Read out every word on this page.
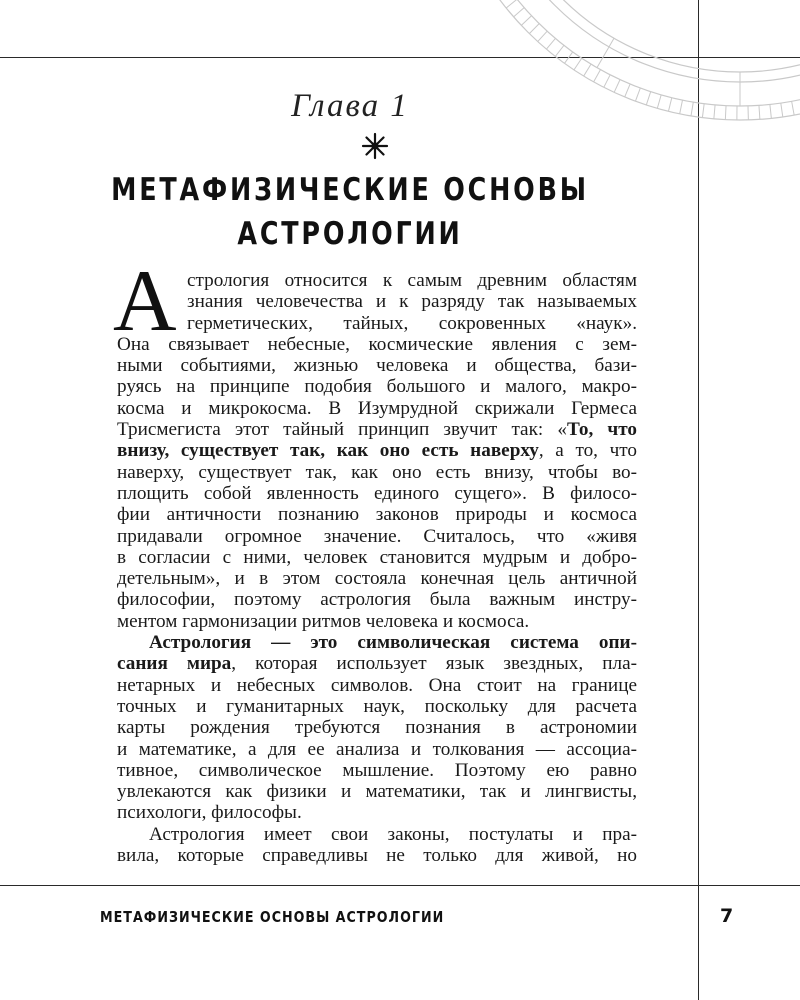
Глава 1
МЕТАФИЗИЧЕСКИЕ ОСНОВЫ
АСТРОЛОГИИ
А стрология относится к самым древним областям
знания человечества и к разряду так называемых
герметических, тайных, сокровенных «наук».
Она связывает небесные, космические явления с зем-
ными событиями, жизнью человека и общества, бази-
руясь на принципе подобия большого и малого, макро-
косма и микрокосма. В Изумрудной скрижали Гермеса
Трисмегиста этот тайный принцип звучит так: «То, что
внизу, существует так, как оно есть наверху, а то, что
наверху, существует так, как оно есть внизу, чтобы во-
площить собой явленность единого сущего». В филосо-
фии античности познанию законов природы и космоса
придавали огромное значение. Считалось, что «живя
в согласии с ними, человек становится мудрым и добро-
детельным», и в этом состояла конечная цель античной
философии, поэтому астрология была важным инстру-
ментом гармонизации ритмов человека и космоса.
Астрология — это символическая система опи-
сания мира, которая использует язык звездных, пла-
нетарных и небесных символов. Она стоит на границе
точных и гуманитарных наук, поскольку для расчета
карты рождения требуются познания в астрономии
и математике, а для ее анализа и толкования — ассоциа-
тивное, символическое мышление. Поэтому ею равно
увлекаются как физики и математики, так и лингвисты,
психологи, философы.
Астрология имеет свои законы, постулаты и пра-
вила, которые справедливы не только для живой, но
МЕТАФИЗИЧЕСКИЕ ОСНОВЫ АСТРОЛОГИИ	7
